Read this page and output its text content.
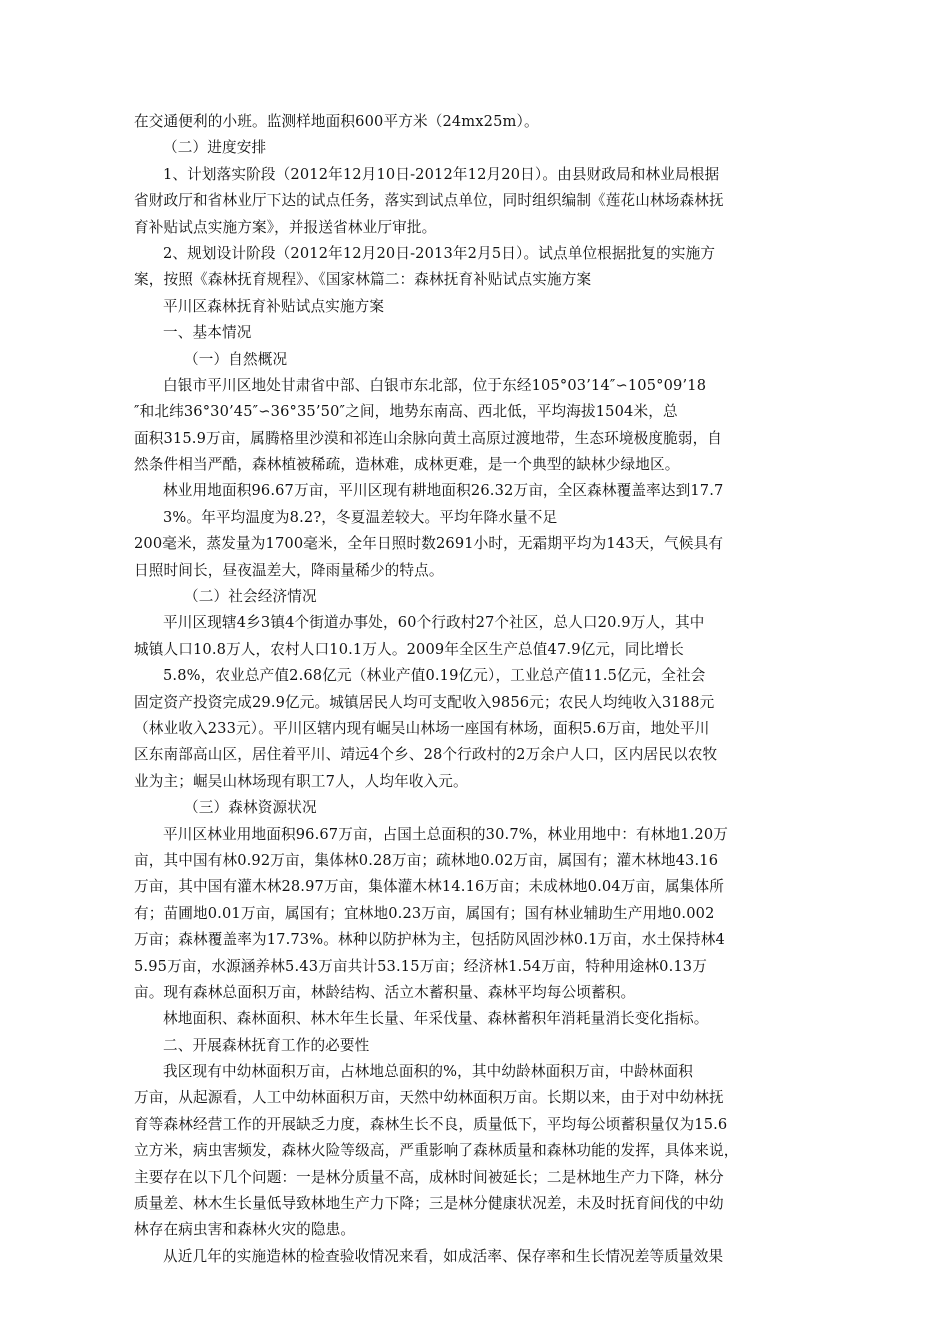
在交通便利的小班。监测样地面积600平方米（24mx25m）。
（二）进度安排
1、计划落实阶段（2012年12月10日-2012年12月20日）。由县财政局和林业局根据
省财政厅和省林业厅下达的试点任务，落实到试点单位，同时组织编制《莲花山林场森林抚
育补贴试点实施方案》，并报送省林业厅审批。
2、规划设计阶段（2012年12月20日-2013年2月5日）。试点单位根据批复的实施方
案，按照《森林抚育规程》、《国家林篇二：森林抚育补贴试点实施方案
平川区森林抚育补贴试点实施方案
一、基本情况
（一）自然概况
白银市平川区地处甘肃省中部、白银市东北部，位于东经105°03’14″∽105°09’18
″和北纬36°30’45″∽36°35’50″之间，地势东南高、西北低，平均海拔1504米，总
面积315.9万亩，属腾格里沙漠和祁连山余脉向黄土高原过渡地带，生态环境极度脆弱，自
然条件相当严酷，森林植被稀疏，造林难，成林更难，是一个典型的缺林少绿地区。
林业用地面积96.67万亩，平川区现有耕地面积26.32万亩，全区森林覆盖率达到17.7
3%。年平均温度为8.2?，冬夏温差较大。平均年降水量不足
200毫米，蒸发量为1700毫米，全年日照时数2691小时，无霜期平均为143天，气候具有
日照时间长，昼夜温差大，降雨量稀少的特点。
（二）社会经济情况
平川区现辖4乡3镇4个街道办事处，60个行政村27个社区，总人口20.9万人，其中
城镇人口10.8万人，农村人口10.1万人。2009年全区生产总值47.9亿元，同比增长
5.8%，农业总产值2.68亿元（林业产值0.19亿元），工业总产值11.5亿元，全社会
固定资产投资完成29.9亿元。城镇居民人均可支配收入9856元；农民人均纯收入3188元
（林业收入233元）。平川区辖内现有崛吴山林场一座国有林场，面积5.6万亩，地处平川
区东南部高山区，居住着平川、靖远4个乡、28个行政村的2万余户人口，区内居民以农牧
业为主；崛吴山林场现有职工7人，人均年收入元。
（三）森林资源状况
平川区林业用地面积96.67万亩，占国土总面积的30.7%，林业用地中：有林地1.20万
亩，其中国有林0.92万亩，集体林0.28万亩；疏林地0.02万亩，属国有；灌木林地43.16
万亩，其中国有灌木林28.97万亩，集体灌木林14.16万亩；未成林地0.04万亩，属集体所
有；苗圃地0.01万亩，属国有；宜林地0.23万亩，属国有；国有林业辅助生产用地0.002
万亩；森林覆盖率为17.73%。林种以防护林为主，包括防风固沙林0.1万亩，水土保持林4
5.95万亩，水源涵养林5.43万亩共计53.15万亩；经济林1.54万亩，特种用途林0.13万
亩。现有森林总面积万亩，林龄结构、活立木蓄积量、森林平均每公顷蓄积。
林地面积、森林面积、林木年生长量、年采伐量、森林蓄积年消耗量消长变化指标。
二、开展森林抚育工作的必要性
我区现有中幼林面积万亩，占林地总面积的%，其中幼龄林面积万亩，中龄林面积
万亩，从起源看，人工中幼林面积万亩，天然中幼林面积万亩。长期以来，由于对中幼林抚
育等森林经营工作的开展缺乏力度，森林生长不良，质量低下，平均每公顷蓄积量仅为15.6
立方米，病虫害频发，森林火险等级高，严重影响了森林质量和森林功能的发挥，具体来说，
主要存在以下几个问题：一是林分质量不高，成林时间被延长；二是林地生产力下降，林分
质量差、林木生长量低导致林地生产力下降；三是林分健康状况差，未及时抚育间伐的中幼
林存在病虫害和森林火灾的隐患。
从近几年的实施造林的检查验收情况来看，如成活率、保存率和生长情况差等质量效果
